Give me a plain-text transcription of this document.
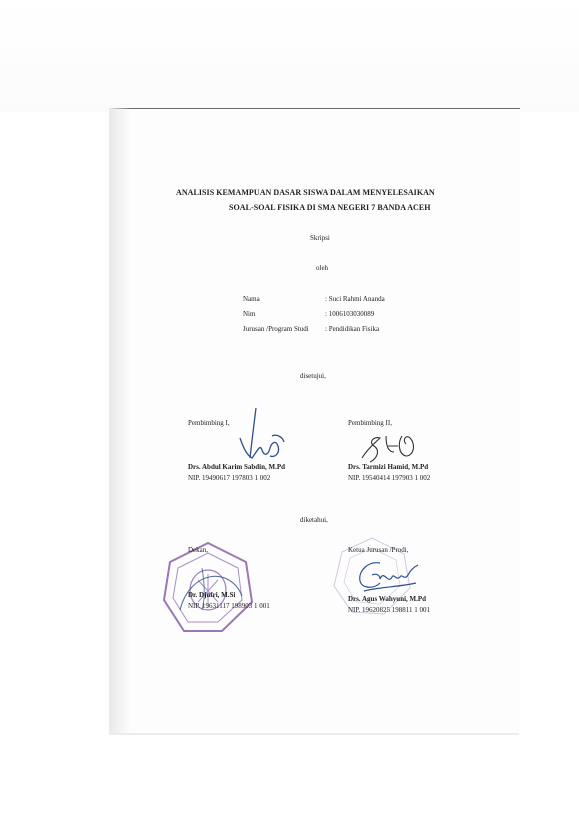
ANALISIS KEMAMPUAN DASAR SISWA DALAM MENYELESAIKAN
SOAL-SOAL FISIKA DI SMA NEGERI 7 BANDA ACEH
Skripsi
oleh
Nama	: Suci Rahmi Ananda
Nim	: 1006103030089
Jurusan /Program Studi : Pendidikan Fisika
disetujui,
Pembimbing I,	Pembimbing II,
Drs. Abdul Karim Sabdin, M.Pd
NIP. 19490617 197803 1 002
Drs. Tarmizi Hamid, M.Pd
NIP. 19540414 197903 1 002
diketahui,
Dekan,
Dr. Djufri, M.Si
NIP. 19631117 198903 1 001
Ketua Jurusan /Prodi,
Drs. Agus Wahyuni, M.Pd
NIP. 19620825 198811 1 001
